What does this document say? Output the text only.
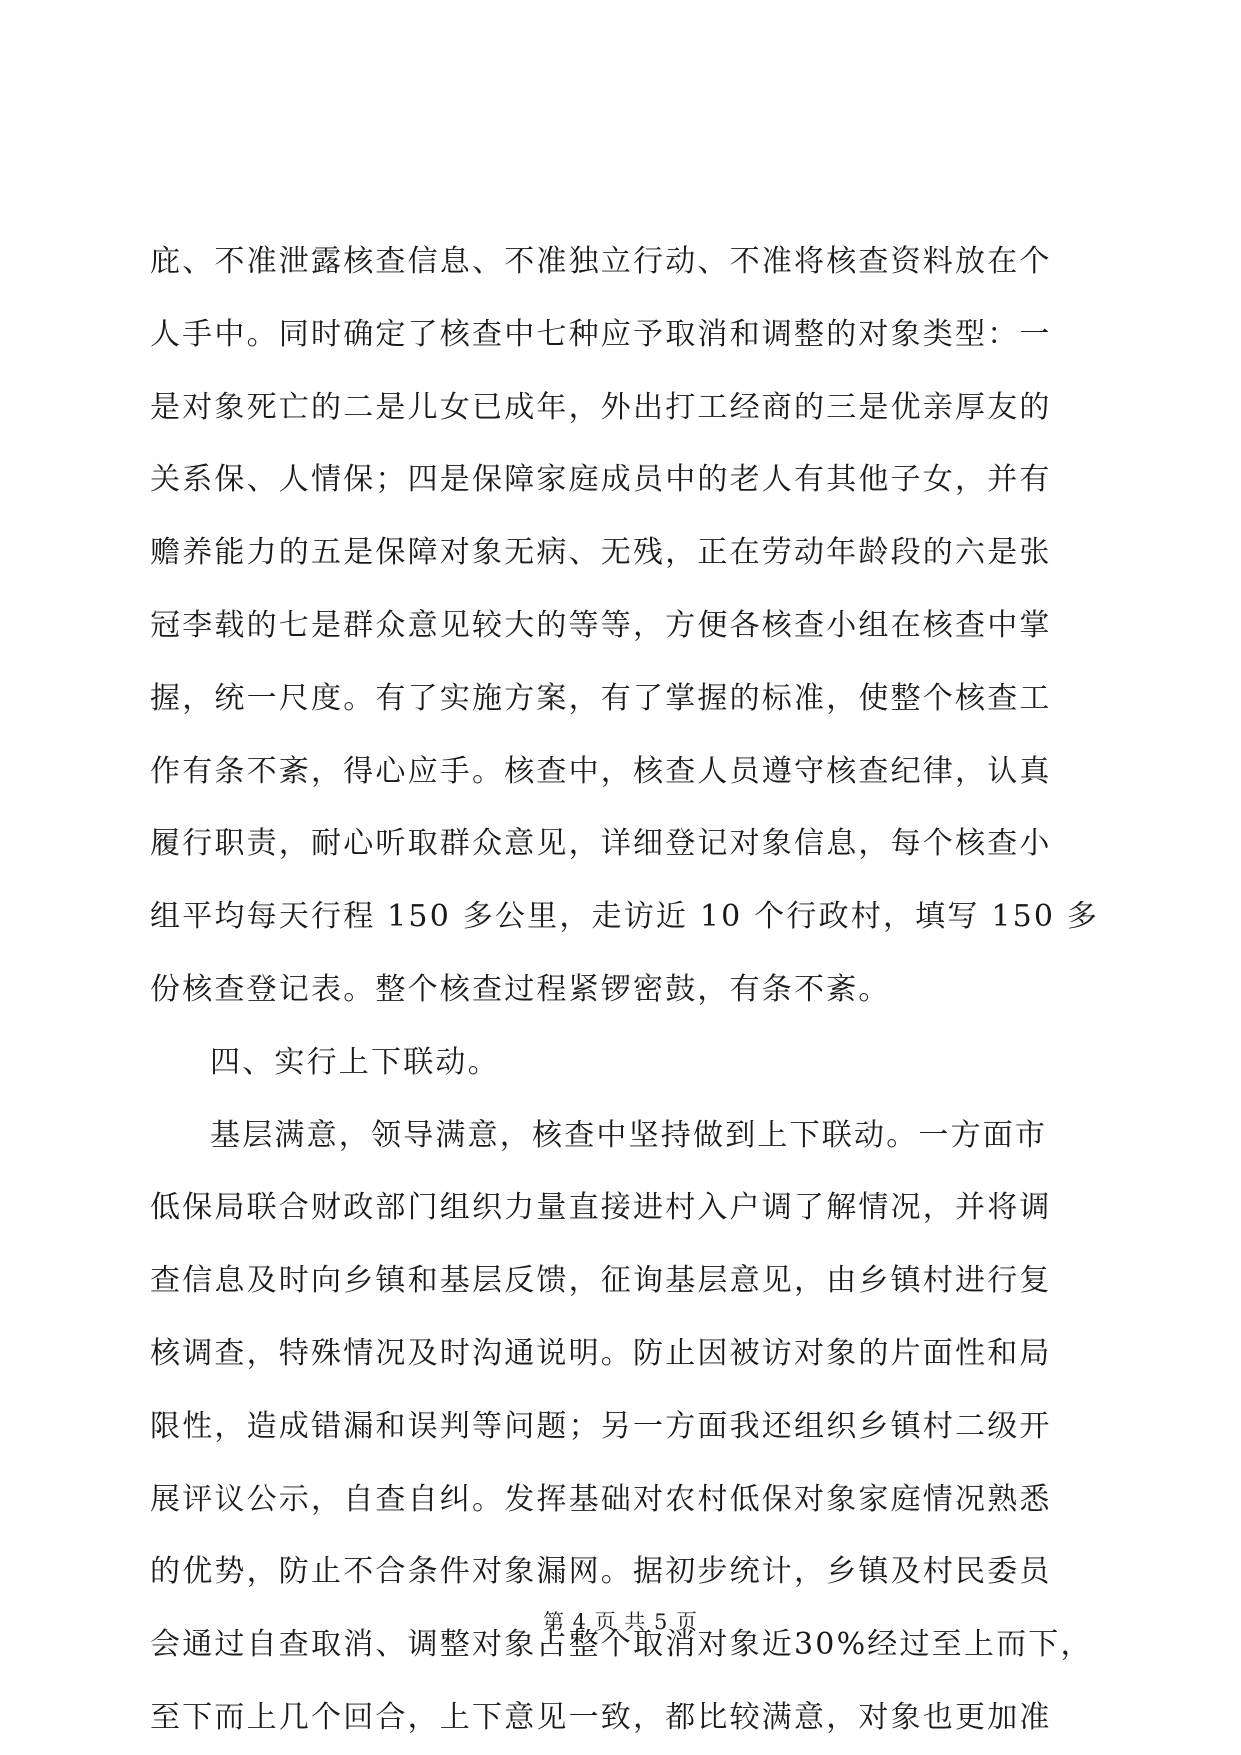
庇、不准泄露核查信息、不准独立行动、不准将核查资料放在个
人手中。同时确定了核查中七种应予取消和调整的对象类型：一
是对象死亡的二是儿女已成年，外出打工经商的三是优亲厚友的
关系保、人情保；四是保障家庭成员中的老人有其他子女，并有
赡养能力的五是保障对象无病、无残，正在劳动年龄段的六是张
冠李载的七是群众意见较大的等等，方便各核查小组在核查中掌
握，统一尺度。有了实施方案，有了掌握的标准，使整个核查工
作有条不紊，得心应手。核查中，核查人员遵守核查纪律，认真
履行职责，耐心听取群众意见，详细登记对象信息，每个核查小
组平均每天行程 150 多公里，走访近 10 个行政村，填写 150 多
份核查登记表。整个核查过程紧锣密鼓，有条不紊。
四、实行上下联动。
基层满意，领导满意，核查中坚持做到上下联动。一方面市
低保局联合财政部门组织力量直接进村入户调了解情况，并将调
查信息及时向乡镇和基层反馈，征询基层意见，由乡镇村进行复
核调查，特殊情况及时沟通说明。防止因被访对象的片面性和局
限性，造成错漏和误判等问题；另一方面我还组织乡镇村二级开
展评议公示，自查自纠。发挥基础对农村低保对象家庭情况熟悉
的优势，防止不合条件对象漏网。据初步统计，乡镇及村民委员
会通过自查取消、调整对象占整个取消对象近30%经过至上而下，
至下而上几个回合，上下意见一致，都比较满意，对象也更加准
第 4 页 共 5 页
